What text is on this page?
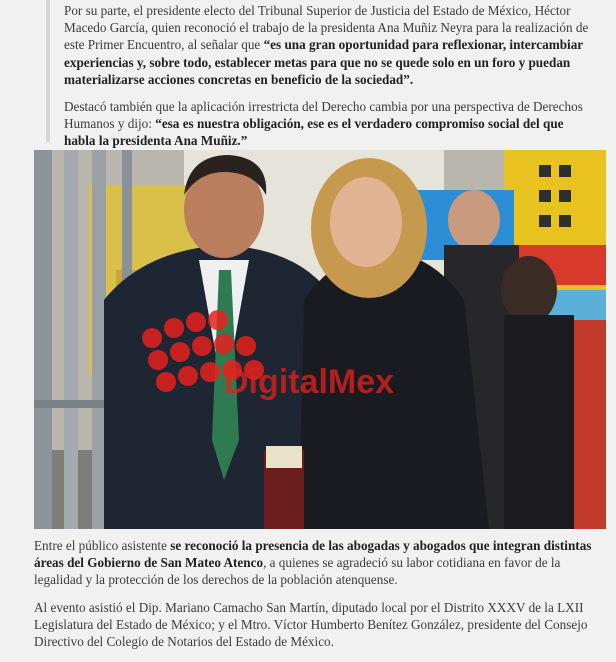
Por su parte, el presidente electo del Tribunal Superior de Justicia del Estado de México, Héctor Macedo García, quien reconoció el trabajo de la presidenta Ana Muñiz Neyra para la realización de este Primer Encuentro, al señalar que “es una gran oportunidad para reflexionar, intercambiar experiencias y, sobre todo, establecer metas para que no se quede solo en un foro y puedan materializarse acciones concretas en beneficio de la sociedad”.

Destacó también que la aplicación irrestricta del Derecho cambia por una perspectiva de Derechos Humanos y dijo: “esa es nuestra obligación, ese es el verdadero compromiso social del que habla la presidenta Ana Muñiz.”

DigitalMex

Entre el público asistente se reconoció la presencia de las abogadas y abogados que integran distintas áreas del Gobierno de San Mateo Atenco, a quienes se agradeció su labor cotidiana en favor de la legalidad y la protección de los derechos de la población atenquense.

Al evento asistió el Dip. Mariano Camacho San Martín, diputado local por el Distrito XXXV de la LXII Legislatura del Estado de México; y el Mtro. Víctor Humberto Benítez González, presidente del Consejo Directivo del Colegio de Notarios del Estado de México.
